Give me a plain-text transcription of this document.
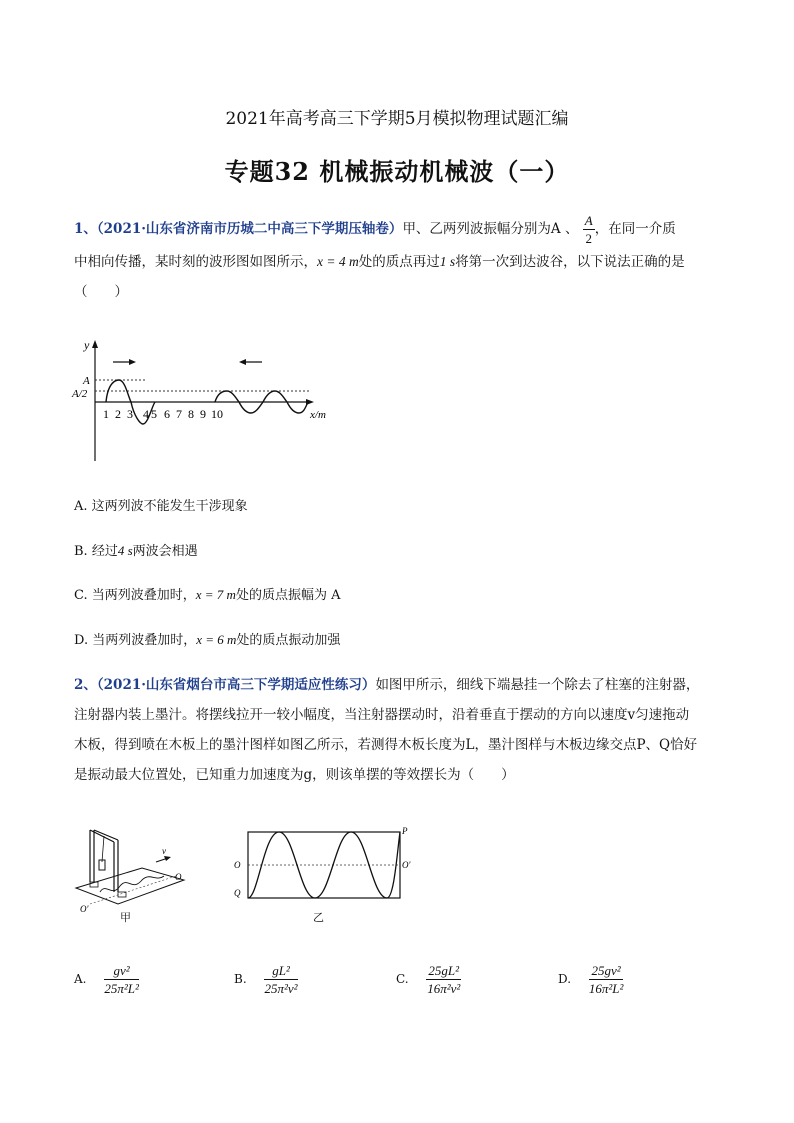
2021年高考高三下学期5月模拟物理试题汇编
专题32 机械振动机械波（一）
1、（2021·山东省济南市历城二中高三下学期压轴卷）甲、乙两列波振幅分别为A 、 $\frac{A}{2}$ ，在同一介质
中相向传播，某时刻的波形图如图所示，x = 4 m处的质点再过1 s将第一次到达波谷，以下说法正确的是
（　　）
y
x/m
A
A/2
1 2 3 4 5 6 7 8 9 10
A. 这两列波不能发生干涉现象
B. 经过4 s两波会相遇
C. 当两列波叠加时，x = 7 m处的质点振幅为 A
D. 当两列波叠加时，x = 6 m处的质点振动加强
2、（2021·山东省烟台市高三下学期适应性练习）如图甲所示，细线下端悬挂一个除去了柱塞的注射器，
注射器内装上墨汁。将摆线拉开一较小幅度，当注射器摆动时，沿着垂直于摆动的方向以速度v匀速拖动
木板，得到喷在木板上的墨汁图样如图乙所示，若测得木板长度为L，墨汁图样与木板边缘交点P、Q恰好
是振动最大位置处，已知重力加速度为g，则该单摆的等效摆长为（　　）
v
O
O′
甲
P
O	O′
Q
乙
A. $\frac{\text{gv²}}{\text{25π²L²}}$	B. $\frac{\text{gL²}}{\text{25π²v²}}$	C. $\frac{\text{25gL²}}{\text{16π²v²}}$	D. $\frac{\text{25gv²}}{\text{16π²L²}}$
